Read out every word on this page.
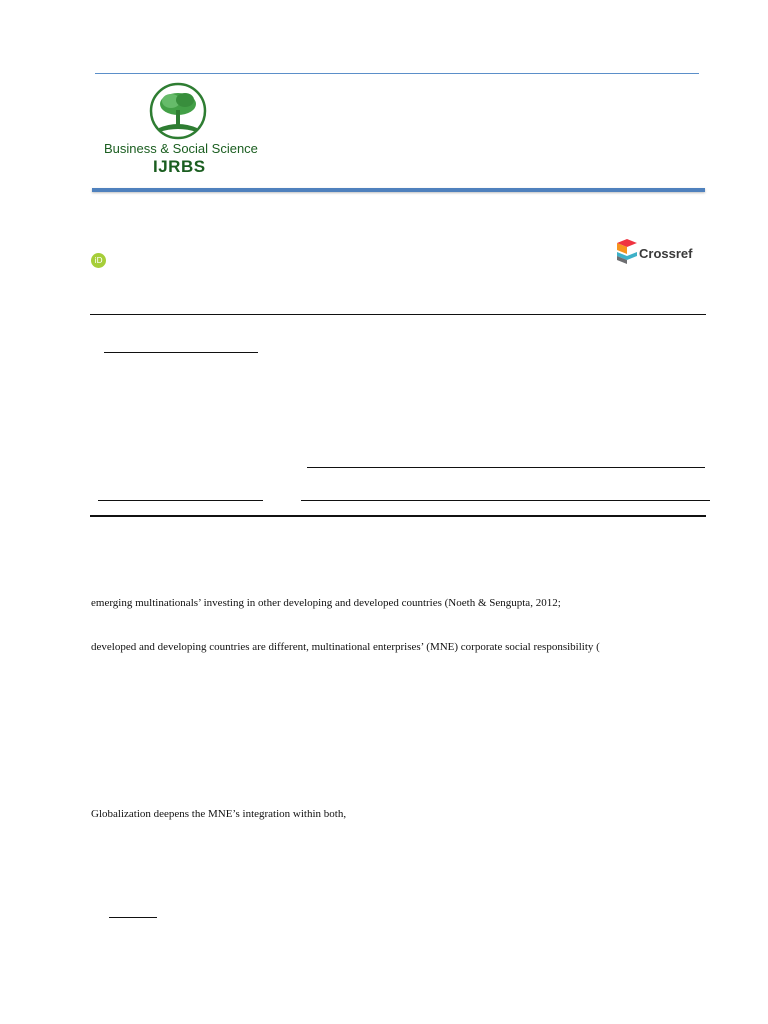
Business & Social Science
IJRBS
iD	Crossref
emerging multinationals’ investing in other developing and developed countries (Noeth & Sengupta, 2012;
developed and developing countries are different, multinational enterprises’ (MNE) corporate social responsibility (
Globalization deepens the MNE’s integration within both,
